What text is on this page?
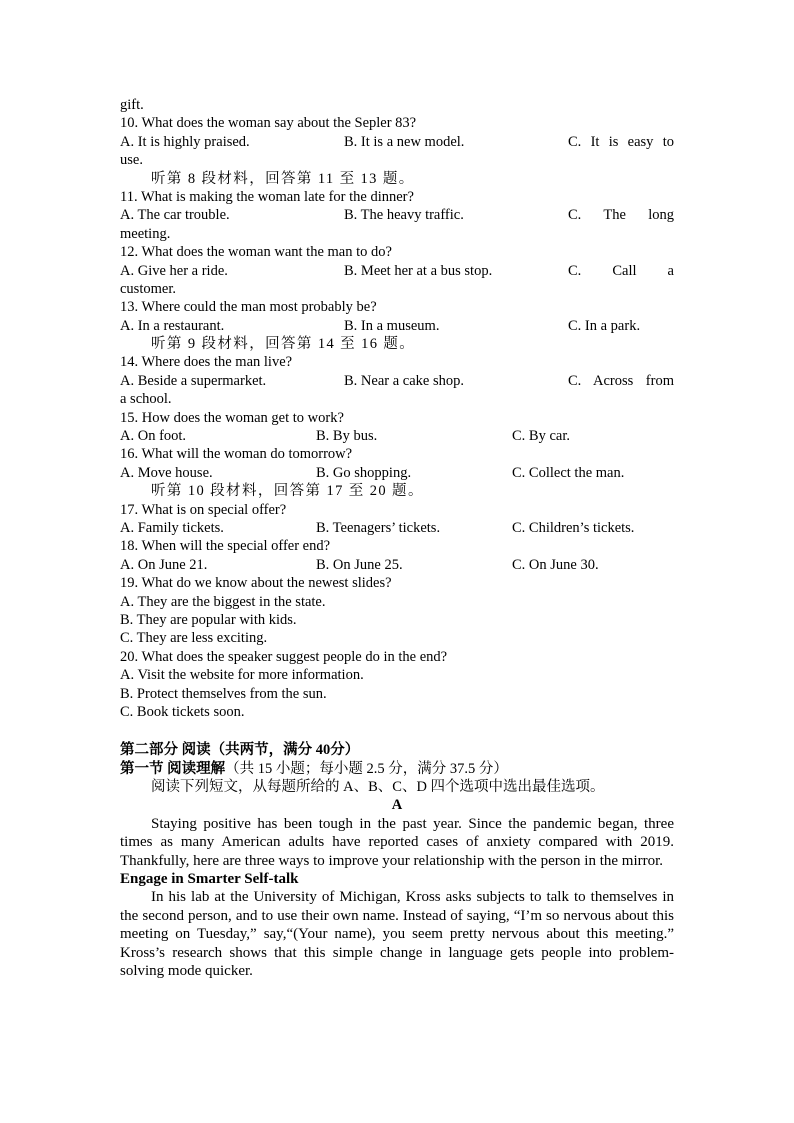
gift.
10. What does the woman say about the Sepler 83?
A. It is highly praised.	B. It is a new model.	C. It is easy to
use.
听第 8 段材料，回答第 11 至 13 题。
11. What is making the woman late for the dinner?
A. The car trouble.	B. The heavy traffic.	C. The long
meeting.
12. What does the woman want the man to do?
A. Give her a ride.	B. Meet her at a bus stop.	C. Call a
customer.
13. Where could the man most probably be?
A. In a restaurant.	B. In a museum.	C. In a park.
听第 9 段材料，回答第 14 至 16 题。
14. Where does the man live?
A. Beside a supermarket.	B. Near a cake shop.	C. Across from
a school.
15. How does the woman get to work?
A. On foot.	B. By bus.	C. By car.
16. What will the woman do tomorrow?
A. Move house.	B. Go shopping.	C. Collect the man.
听第 10 段材料，回答第 17 至 20 题。
17. What is on special offer?
A. Family tickets.	B. Teenagers’ tickets.	C. Children’s tickets.
18. When will the special offer end?
A. On June 21.	B. On June 25.	C. On June 30.
19. What do we know about the newest slides?
A. They are the biggest in the state.
B. They are popular with kids.
C. They are less exciting.
20. What does the speaker suggest people do in the end?
A. Visit the website for more information.
B. Protect themselves from the sun.
C. Book tickets soon.
第二部分 阅读（共两节，满分 40分）
第一节 阅读理解（共 15 小题；每小题 2.5 分，满分 37.5 分）
阅读下列短文，从每题所给的 A、B、C、D 四个选项中选出最佳选项。
A

Staying positive has been tough in the past year. Since the pandemic began, three times as many American adults have reported cases of anxiety compared with 2019. Thankfully, here are three ways to improve your relationship with the person in the mirror.

Engage in Smarter Self-talk

In his lab at the University of Michigan, Kross asks subjects to talk to themselves in the second person, and to use their own name. Instead of saying, “I’m so nervous about this meeting on Tuesday,” say,“(Your name), you seem pretty nervous about this meeting.” Kross’s research shows that this simple change in language gets people into problem-solving mode quicker.
